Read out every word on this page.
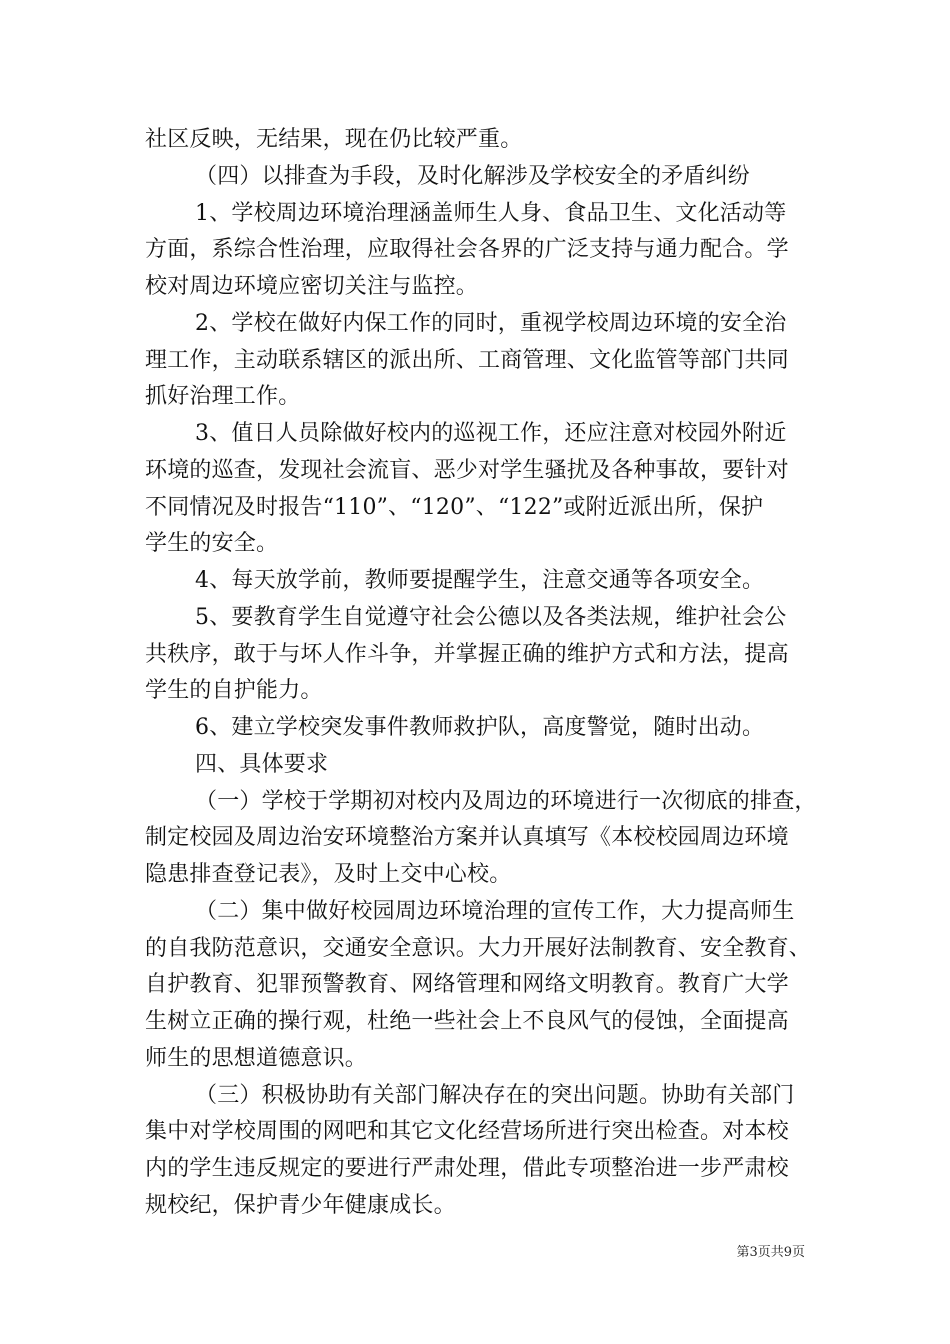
社区反映，无结果，现在仍比较严重。
（四）以排查为手段，及时化解涉及学校安全的矛盾纠纷
1、学校周边环境治理涵盖师生人身、食品卫生、文化活动等
方面，系综合性治理，应取得社会各界的广泛支持与通力配合。学
校对周边环境应密切关注与监控。
2、学校在做好内保工作的同时，重视学校周边环境的安全治
理工作，主动联系辖区的派出所、工商管理、文化监管等部门共同
抓好治理工作。
3、值日人员除做好校内的巡视工作，还应注意对校园外附近
环境的巡查，发现社会流盲、恶少对学生骚扰及各种事故，要针对
不同情况及时报告“110”、“120”、“122”或附近派出所，保护
学生的安全。
4、每天放学前，教师要提醒学生，注意交通等各项安全。
5、要教育学生自觉遵守社会公德以及各类法规，维护社会公
共秩序，敢于与坏人作斗争，并掌握正确的维护方式和方法，提高
学生的自护能力。
6、建立学校突发事件教师救护队，高度警觉，随时出动。
四、具体要求
（一）学校于学期初对校内及周边的环境进行一次彻底的排查，
制定校园及周边治安环境整治方案并认真填写《本校校园周边环境
隐患排查登记表》，及时上交中心校。
（二）集中做好校园周边环境治理的宣传工作，大力提高师生
的自我防范意识，交通安全意识。大力开展好法制教育、安全教育、
自护教育、犯罪预警教育、网络管理和网络文明教育。教育广大学
生树立正确的操行观，杜绝一些社会上不良风气的侵蚀，全面提高
师生的思想道德意识。
（三）积极协助有关部门解决存在的突出问题。协助有关部门
集中对学校周围的网吧和其它文化经营场所进行突出检查。对本校
内的学生违反规定的要进行严肃处理，借此专项整治进一步严肃校
规校纪，保护青少年健康成长。
第3页共9页
